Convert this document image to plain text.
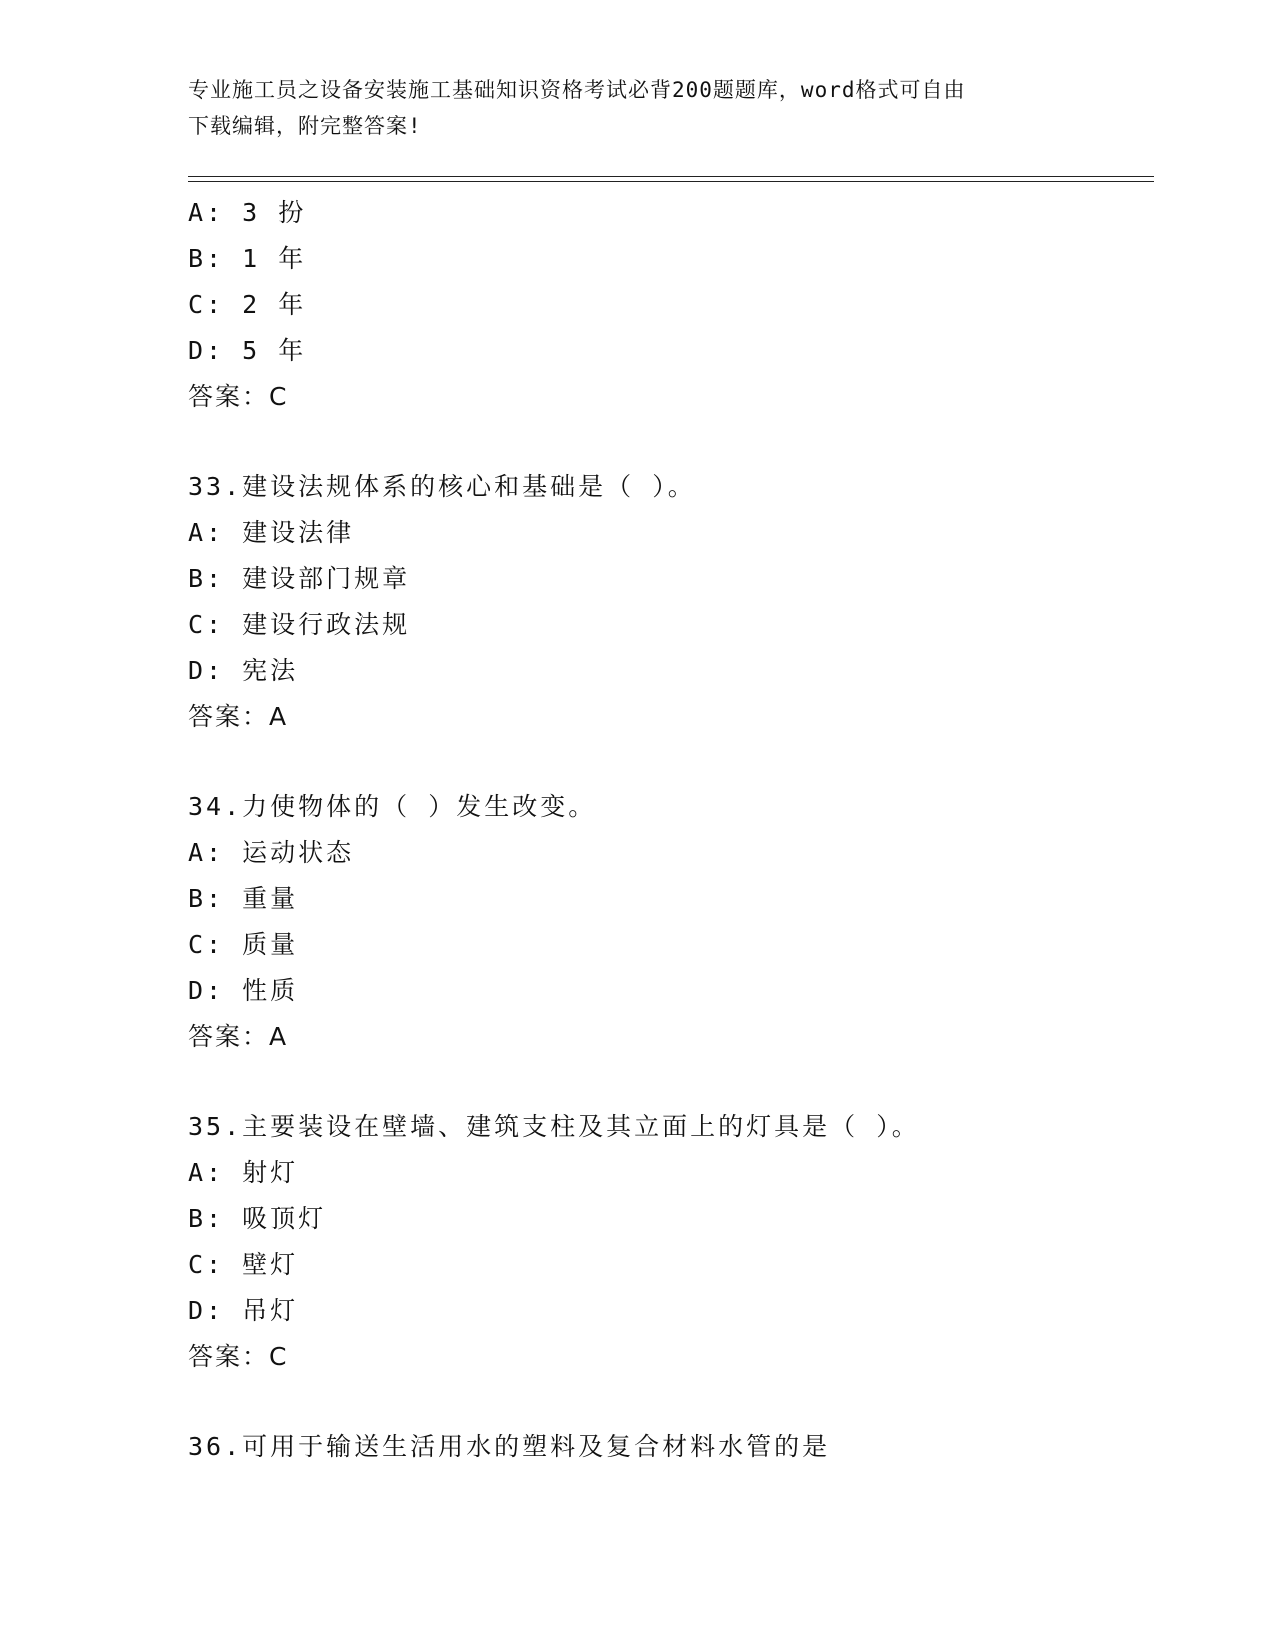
专业施工员之设备安装施工基础知识资格考试必背200题题库，word格式可自由
下载编辑，附完整答案!
A: 3 扮
B: 1 年
C: 2 年
D: 5 年
答案：C
33.建设法规体系的核心和基础是（ ）。
A: 建设法律
B: 建设部门规章
C: 建设行政法规
D: 宪法
答案：A
34.力使物体的（ ）发生改变。
A: 运动状态
B: 重量
C: 质量
D: 性质
答案：A
35.主要装设在壁墙、建筑支柱及其立面上的灯具是（ ）。
A: 射灯
B: 吸顶灯
C: 壁灯
D: 吊灯
答案：C
36.可用于输送生活用水的塑料及复合材料水管的是
